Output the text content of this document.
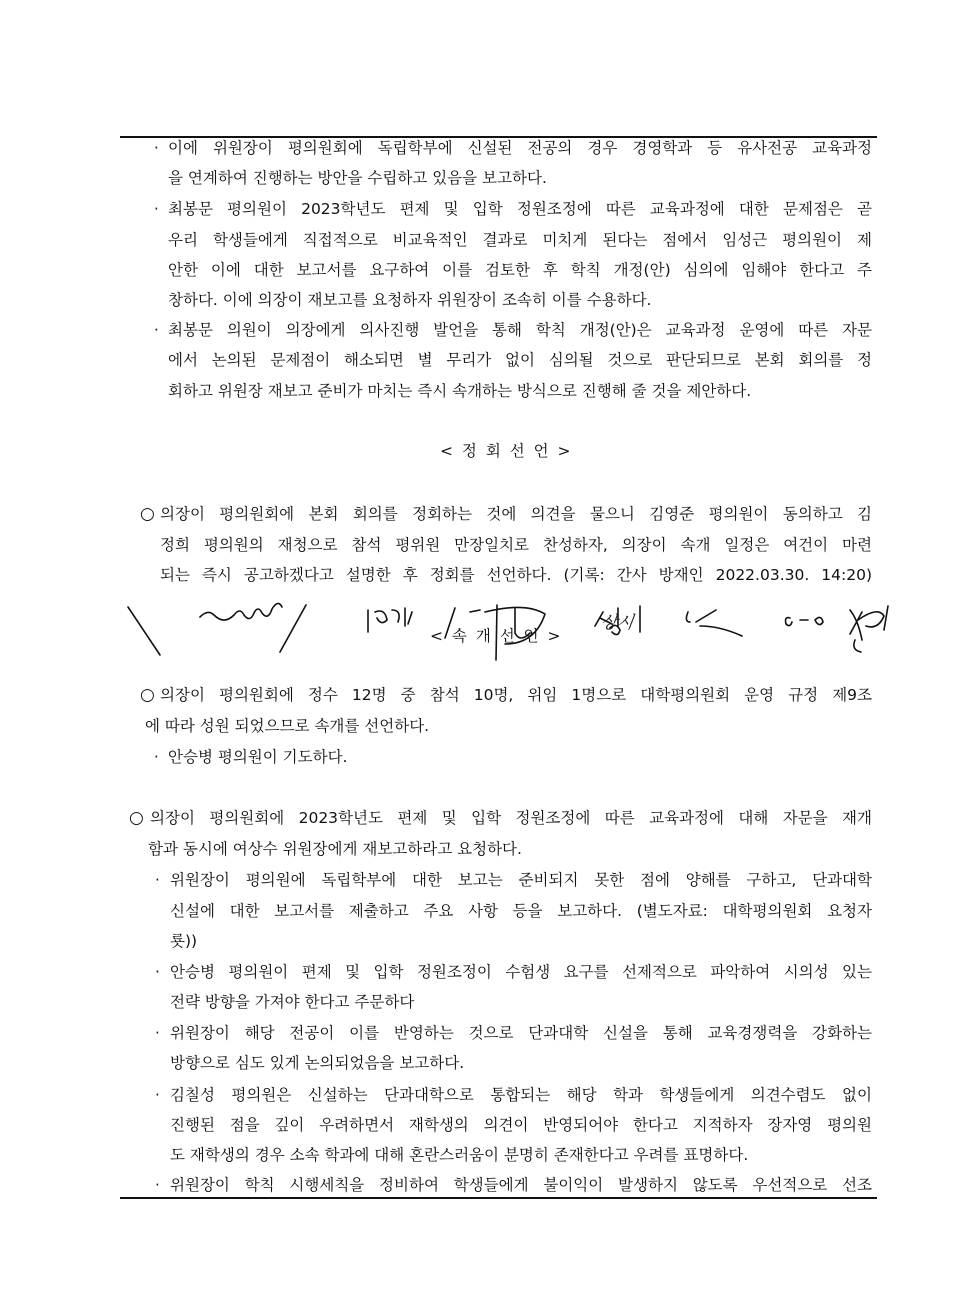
· 이에 위원장이 평의원회에 독립학부에 신설된 전공의 경우 경영학과 등 유사전공 교육과정
을 연계하여 진행하는 방안을 수립하고 있음을 보고하다.
· 최봉문 평의원이 2023학년도 편제 및 입학 정원조정에 따른 교육과정에 대한 문제점은 곧
우리 학생들에게 직접적으로 비교육적인 결과로 미치게 된다는 점에서 임성근 평의원이 제
안한 이에 대한 보고서를 요구하여 이를 검토한 후 학칙 개정(안) 심의에 임해야 한다고 주
창하다. 이에 의장이 재보고를 요청하자 위원장이 조속히 이를 수용하다.
· 최봉문 의원이 의장에게 의사진행 발언을 통해 학칙 개정(안)은 교육과정 운영에 따른 자문
에서 논의된 문제점이 해소되면 별 무리가 없이 심의될 것으로 판단되므로 본회 회의를 정
회하고 위원장 재보고 준비가 마치는 즉시 속개하는 방식으로 진행해 줄 것을 제안하다.
< 정 회 선 언 >
○ 의장이 평의원회에 본회 회의를 정회하는 것에 의견을 물으니 김영준 평의원이 동의하고 김
정희 평의원의 재청으로 참석 평위원 만장일치로 찬성하자, 의장이 속개 일정은 여건이 마련
되는 즉시 공고하겠다고 설명한 후 정회를 선언하다. (기록: 간사 방재인 2022.03.30. 14:20)
상시
< 속 개 선 언 >
○ 의장이 평의원회에 정수 12명 중 참석 10명, 위임 1명으로 대학평의원회 운영 규정 제9조
에 따라 성원 되었으므로 속개를 선언하다.
· 안승병 평의원이 기도하다.
○ 의장이 평의원회에 2023학년도 편제 및 입학 정원조정에 따른 교육과정에 대해 자문을 재개
함과 동시에 여상수 위원장에게 재보고하라고 요청하다.
· 위원장이 평의원에 독립학부에 대한 보고는 준비되지 못한 점에 양해를 구하고, 단과대학
신설에 대한 보고서를 제출하고 주요 사항 등을 보고하다. (별도자료: 대학평의원회 요청자
룟))
· 안승병 평의원이 편제 및 입학 정원조정이 수험생 요구를 선제적으로 파악하여 시의성 있는
전략 방향을 가져야 한다고 주문하다
· 위원장이 해당 전공이 이를 반영하는 것으로 단과대학 신설을 통해 교육경쟁력을 강화하는
방향으로 심도 있게 논의되었음을 보고하다.
· 김칠성 평의원은 신설하는 단과대학으로 통합되는 해당 학과 학생들에게 의견수렴도 없이
진행된 점을 깊이 우려하면서 재학생의 의견이 반영되어야 한다고 지적하자 장자영 평의원
도 재학생의 경우 소속 학과에 대해 혼란스러움이 분명히 존재한다고 우려를 표명하다.
· 위원장이 학칙 시행세칙을 정비하여 학생들에게 불이익이 발생하지 않도록 우선적으로 선조
